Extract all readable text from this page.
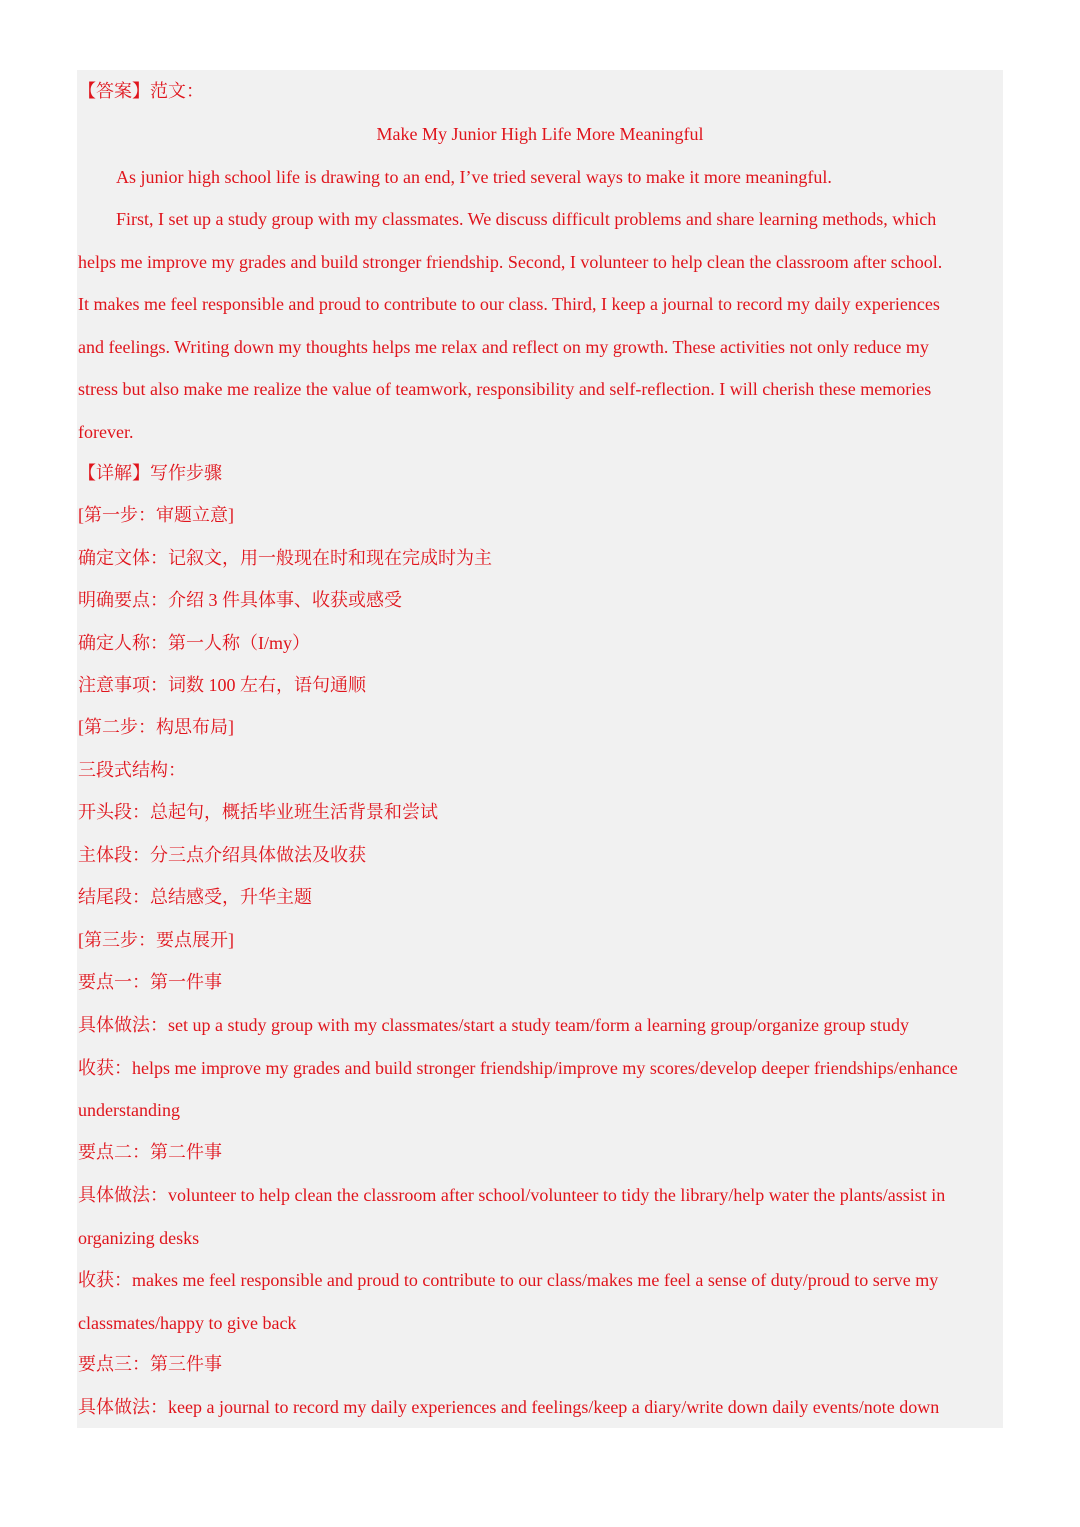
【答案】范文：
Make My Junior High Life More Meaningful
As junior high school life is drawing to an end, I’ve tried several ways to make it more meaningful.
First, I set up a study group with my classmates. We discuss difficult problems and share learning methods, which
helps me improve my grades and build stronger friendship. Second, I volunteer to help clean the classroom after school.
It makes me feel responsible and proud to contribute to our class. Third, I keep a journal to record my daily experiences
and feelings. Writing down my thoughts helps me relax and reflect on my growth. These activities not only reduce my
stress but also make me realize the value of teamwork, responsibility and self-reflection. I will cherish these memories
forever.
【详解】写作步骤
[第一步：审题立意]
确定文体：记叙文，用一般现在时和现在完成时为主
明确要点：介绍 3 件具体事、收获或感受
确定人称：第一人称（I/my）
注意事项：词数 100 左右，语句通顺
[第二步：构思布局]
三段式结构：
开头段：总起句，概括毕业班生活背景和尝试
主体段：分三点介绍具体做法及收获
结尾段：总结感受，升华主题
[第三步：要点展开]
要点一：第一件事
具体做法：set up a study group with my classmates/start a study team/form a learning group/organize group study
收获：helps me improve my grades and build stronger friendship/improve my scores/develop deeper friendships/enhance
understanding
要点二：第二件事
具体做法：volunteer to help clean the classroom after school/volunteer to tidy the library/help water the plants/assist in
organizing desks
收获：makes me feel responsible and proud to contribute to our class/makes me feel a sense of duty/proud to serve my
classmates/happy to give back
要点三：第三件事
具体做法：keep a journal to record my daily experiences and feelings/keep a diary/write down daily events/note down
